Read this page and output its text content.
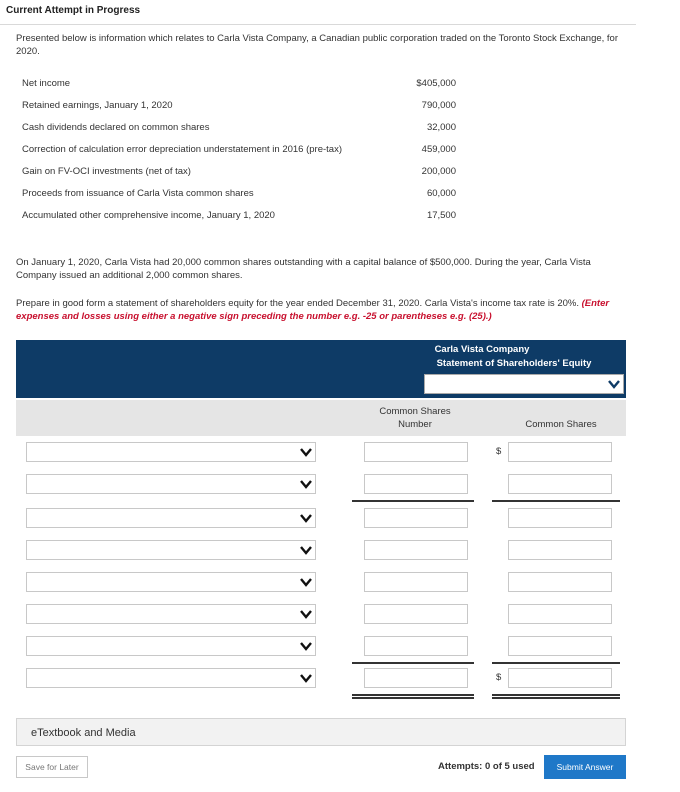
Current Attempt in Progress
Presented below is information which relates to Carla Vista Company, a Canadian public corporation traded on the Toronto Stock Exchange, for 2020.
Net income	$405,000
Retained earnings, January 1, 2020	790,000
Cash dividends declared on common shares	32,000
Correction of calculation error depreciation understatement in 2016 (pre-tax)	459,000
Gain on FV-OCI investments (net of tax)	200,000
Proceeds from issuance of Carla Vista common shares	60,000
Accumulated other comprehensive income, January 1, 2020	17,500
On January 1, 2020, Carla Vista had 20,000 common shares outstanding with a capital balance of $500,000. During the year, Carla Vista Company issued an additional 2,000 common shares.
Prepare in good form a statement of shareholders equity for the year ended December 31, 2020. Carla Vista's income tax rate is 20%. (Enter expenses and losses using either a negative sign preceding the number e.g. -25 or parentheses e.g. (25).)
Carla Vista Company
Statement of Shareholders' Equity
Common Shares Number	Common Shares
$
$
eTextbook and Media
Save for Later	Attempts: 0 of 5 used	Submit Answer
